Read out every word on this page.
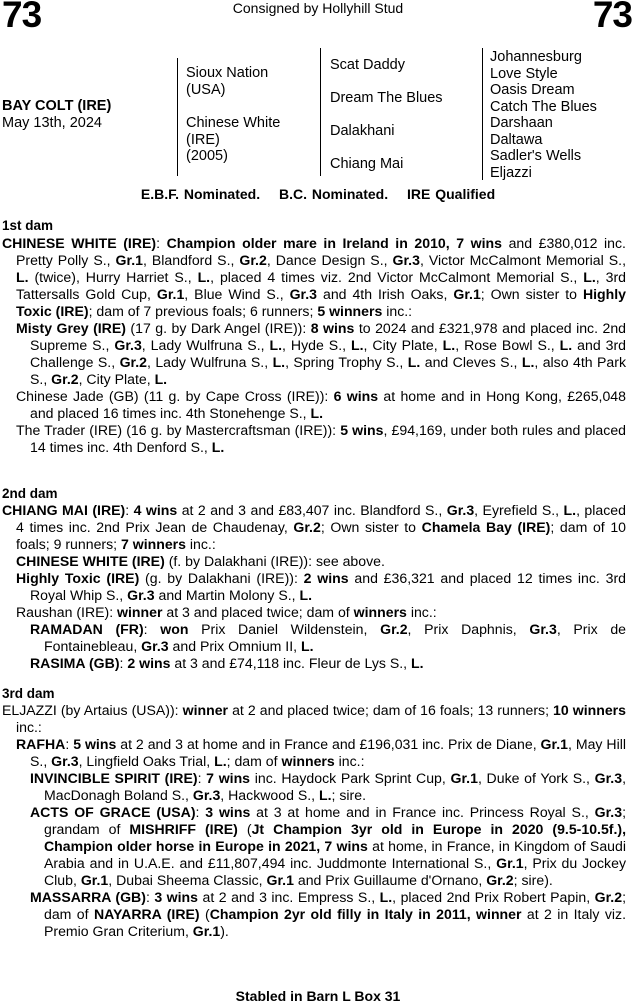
73	Consigned by Hollyhill Stud	73
BAY COLT (IRE)
May 13th, 2024
Sioux Nation
(USA)
Chinese White
(IRE)
(2005)
Scat Daddy
Dream The Blues
Dalakhani
Chiang Mai
Johannesburg
Love Style
Oasis Dream
Catch The Blues
Darshaan
Daltawa
Sadler's Wells
Eljazzi
E.B.F. Nominated. B.C. Nominated. IRE Qualified
1st dam

CHINESE WHITE (IRE): Champion older mare in Ireland in 2010, 7 wins and £380,012 inc. Pretty Polly S., Gr.1, Blandford S., Gr.2, Dance Design S., Gr.3, Victor McCalmont Memorial S., L. (twice), Hurry Harriet S., L., placed 4 times viz. 2nd Victor McCalmont Memorial S., L., 3rd Tattersalls Gold Cup, Gr.1, Blue Wind S., Gr.3 and 4th Irish Oaks, Gr.1; Own sister to Highly Toxic (IRE); dam of 7 previous foals; 6 runners; 5 winners inc.:

Misty Grey (IRE) (17 g. by Dark Angel (IRE)): 8 wins to 2024 and £321,978 and placed inc. 2nd Supreme S., Gr.3, Lady Wulfruna S., L., Hyde S., L., City Plate, L., Rose Bowl S., L. and 3rd Challenge S., Gr.2, Lady Wulfruna S., L., Spring Trophy S., L. and Cleves S., L., also 4th Park S., Gr.2, City Plate, L.

Chinese Jade (GB) (11 g. by Cape Cross (IRE)): 6 wins at home and in Hong Kong, £265,048 and placed 16 times inc. 4th Stonehenge S., L.

The Trader (IRE) (16 g. by Mastercraftsman (IRE)): 5 wins, £94,169, under both rules and placed 14 times inc. 4th Denford S., L.

2nd dam

CHIANG MAI (IRE): 4 wins at 2 and 3 and £83,407 inc. Blandford S., Gr.3, Eyrefield S., L., placed 4 times inc. 2nd Prix Jean de Chaudenay, Gr.2; Own sister to Chamela Bay (IRE); dam of 10 foals; 9 runners; 7 winners inc.:

CHINESE WHITE (IRE) (f. by Dalakhani (IRE)): see above.

Highly Toxic (IRE) (g. by Dalakhani (IRE)): 2 wins and £36,321 and placed 12 times inc. 3rd Royal Whip S., Gr.3 and Martin Molony S., L.

Raushan (IRE): winner at 3 and placed twice; dam of winners inc.:

RAMADAN (FR): won Prix Daniel Wildenstein, Gr.2, Prix Daphnis, Gr.3, Prix de Fontainebleau, Gr.3 and Prix Omnium II, L.

RASIMA (GB): 2 wins at 3 and £74,118 inc. Fleur de Lys S., L.

3rd dam

ELJAZZI (by Artaius (USA)): winner at 2 and placed twice; dam of 16 foals; 13 runners; 10 winners inc.:

RAFHA: 5 wins at 2 and 3 at home and in France and £196,031 inc. Prix de Diane, Gr.1, May Hill S., Gr.3, Lingfield Oaks Trial, L.; dam of winners inc.:

INVINCIBLE SPIRIT (IRE): 7 wins inc. Haydock Park Sprint Cup, Gr.1, Duke of York S., Gr.3, MacDonagh Boland S., Gr.3, Hackwood S., L.; sire.

ACTS OF GRACE (USA): 3 wins at 3 at home and in France inc. Princess Royal S., Gr.3; grandam of MISHRIFF (IRE) (Jt Champion 3yr old in Europe in 2020 (9.5-10.5f.), Champion older horse in Europe in 2021, 7 wins at home, in France, in Kingdom of Saudi Arabia and in U.A.E. and £11,807,494 inc. Juddmonte International S., Gr.1, Prix du Jockey Club, Gr.1, Dubai Sheema Classic, Gr.1 and Prix Guillaume d'Ornano, Gr.2; sire).

MASSARRA (GB): 3 wins at 2 and 3 inc. Empress S., L., placed 2nd Prix Robert Papin, Gr.2; dam of NAYARRA (IRE) (Champion 2yr old filly in Italy in 2011, winner at 2 in Italy viz. Premio Gran Criterium, Gr.1).

Stabled in Barn L Box 31
